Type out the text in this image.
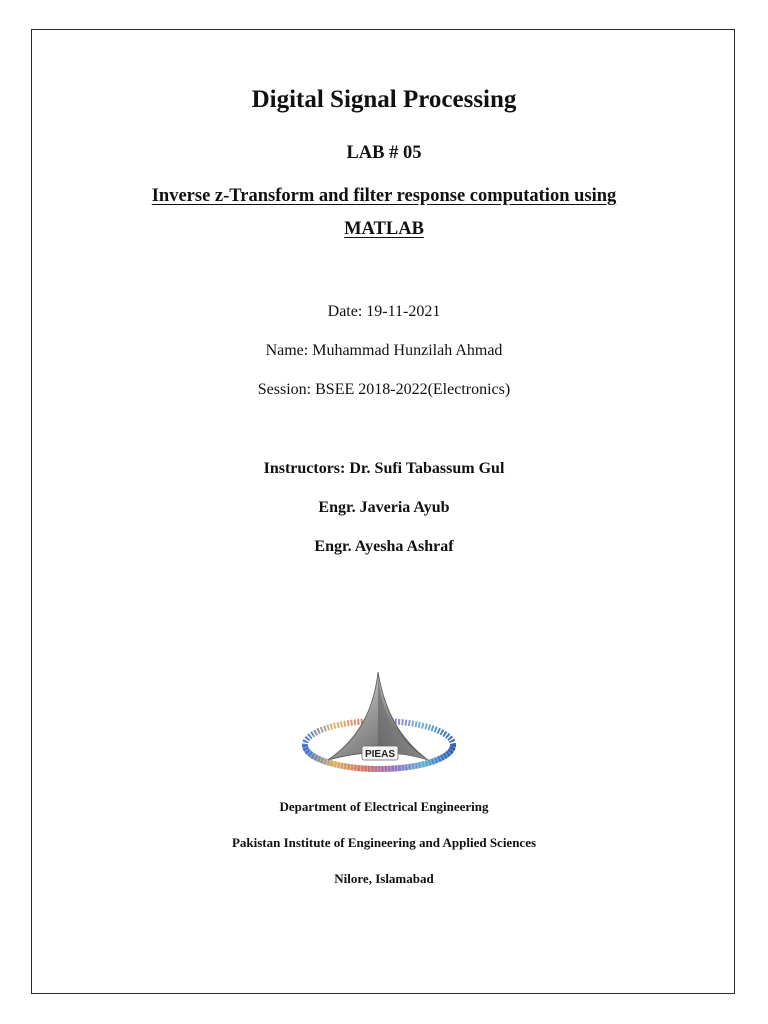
Digital Signal Processing

LAB # 05

Inverse z-Transform and filter response computation using

MATLAB

Date: 19-11-2021

Name: Muhammad Hunzilah Ahmad

Session: BSEE 2018-2022(Electronics)

Instructors: Dr. Sufi Tabassum Gul

Engr. Javeria Ayub

Engr. Ayesha Ashraf

PIEAS

Department of Electrical Engineering

Pakistan Institute of Engineering and Applied Sciences

Nilore, Islamabad
